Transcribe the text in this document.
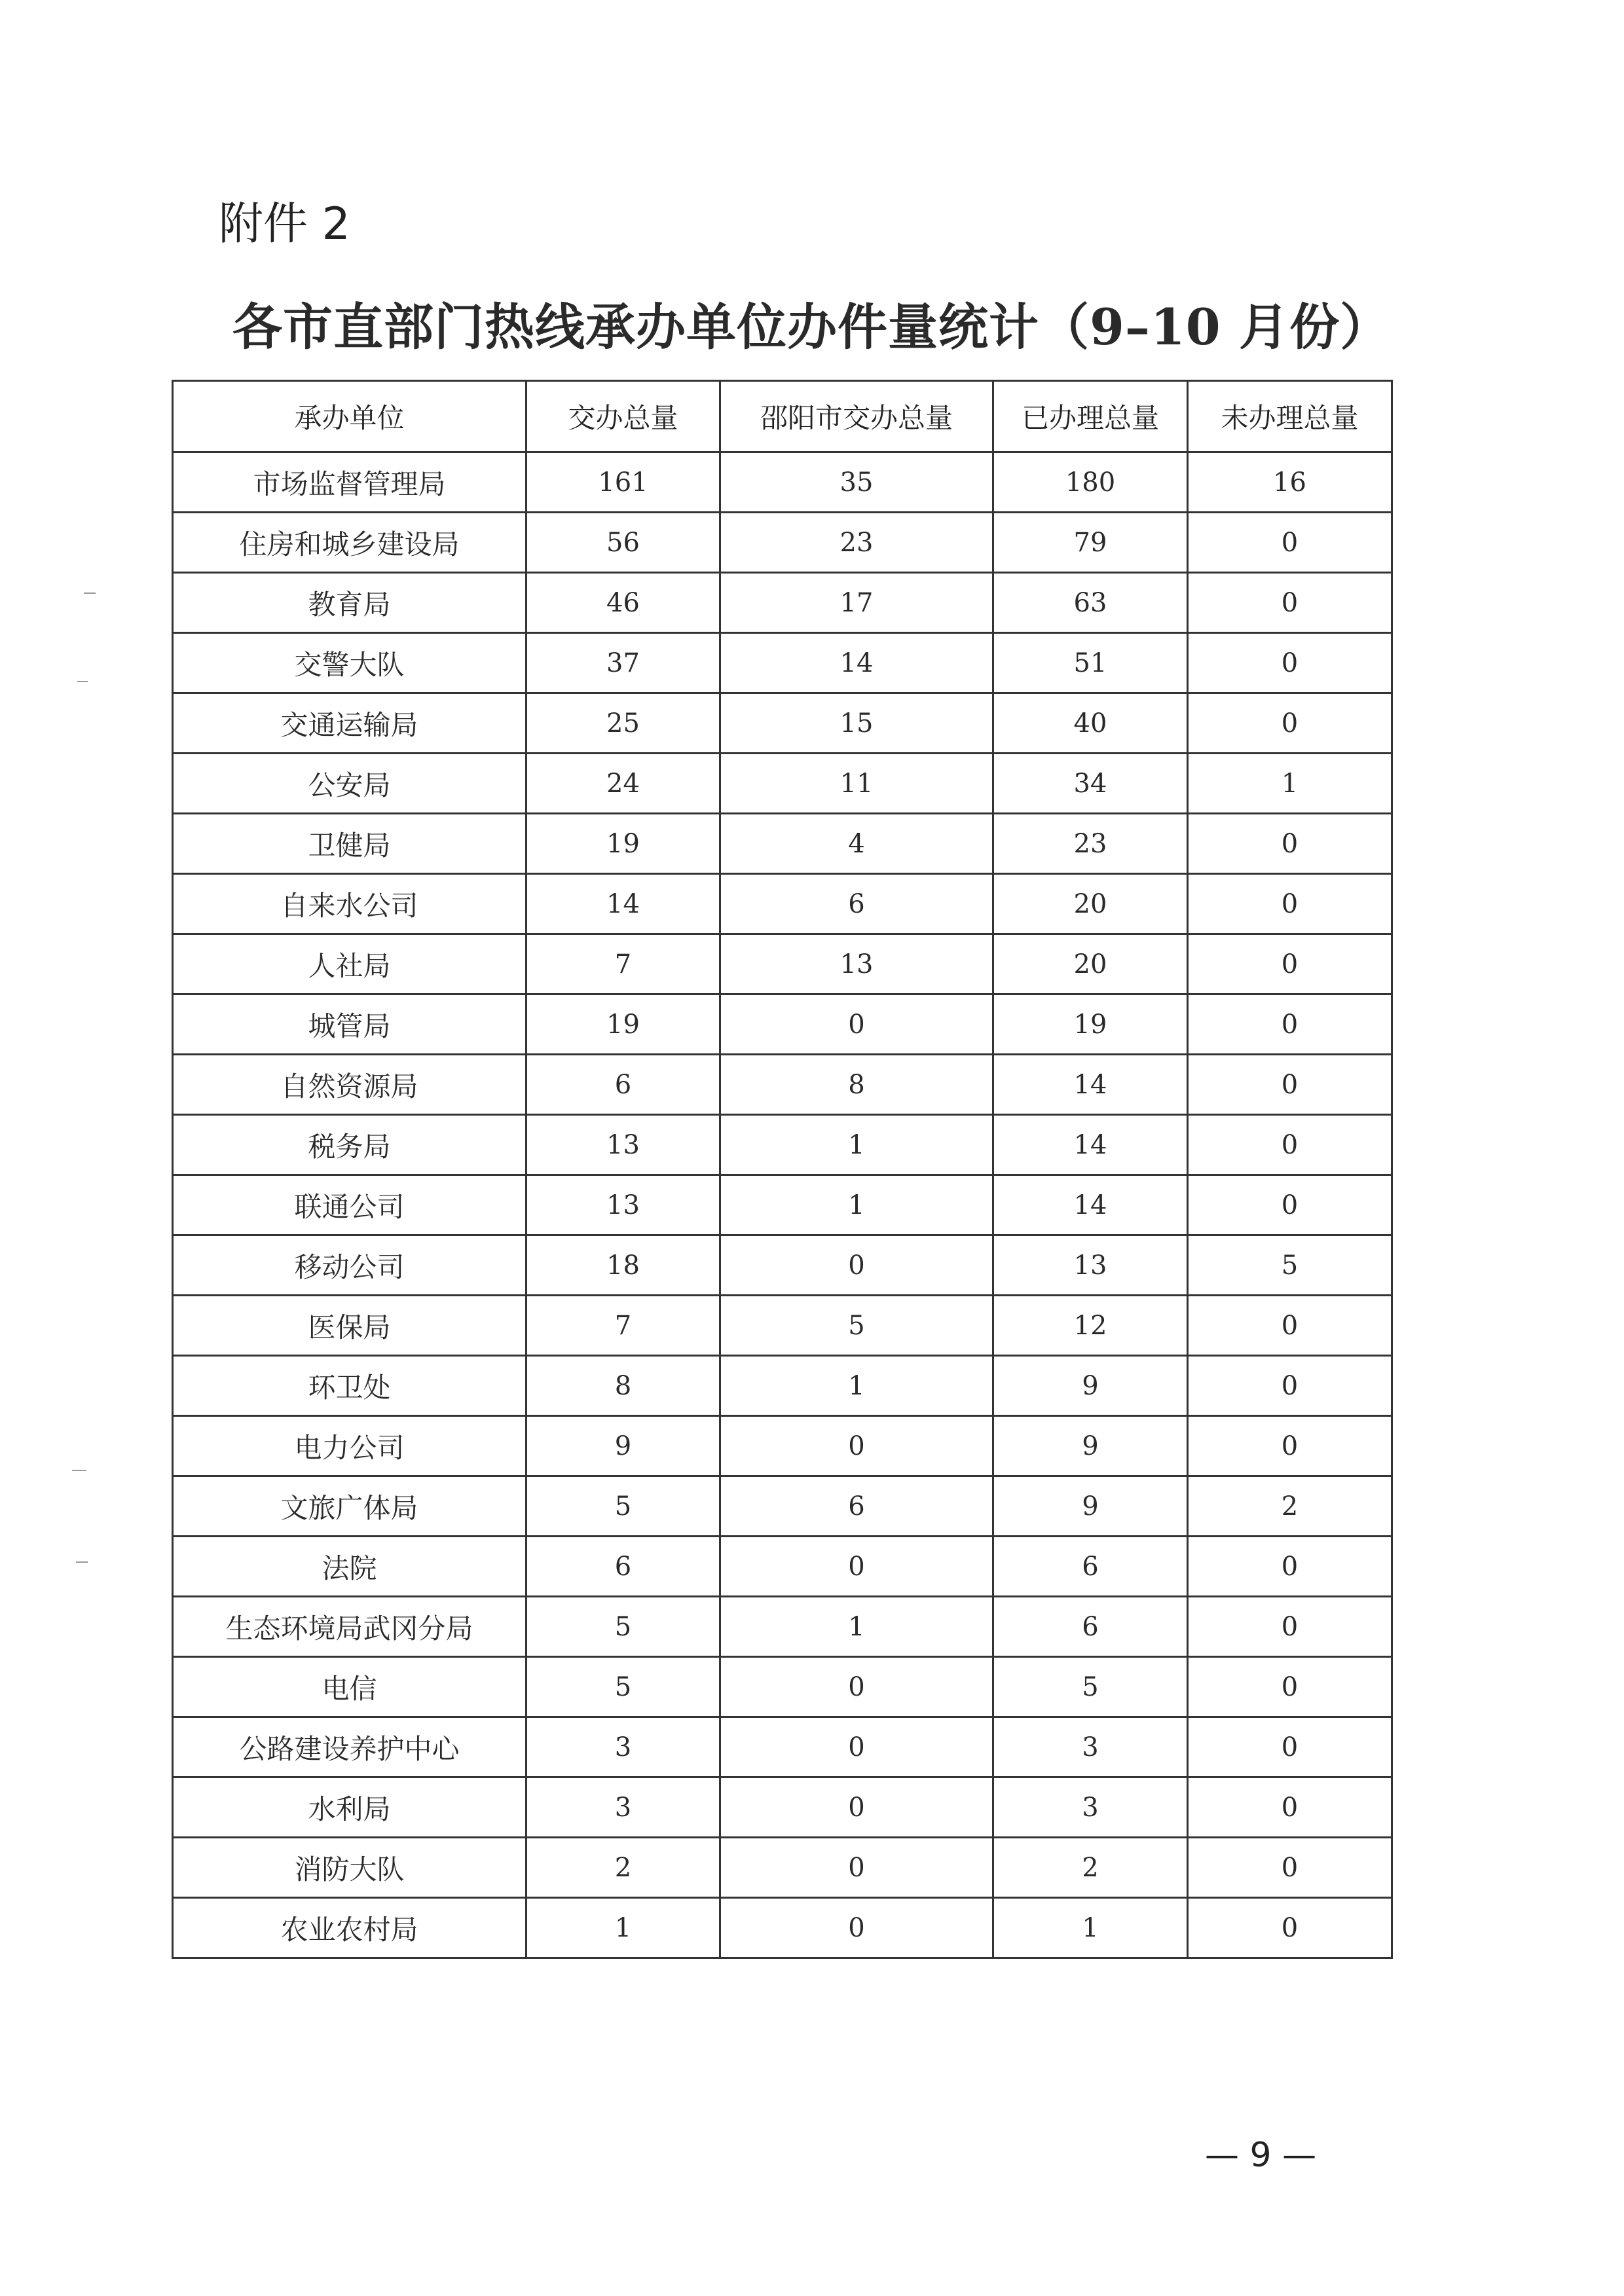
附件 2
各市直部门热线承办单位办件量统计（9–10 月份）
承办单位	交办总量	邵阳市交办总量	已办理总量	未办理总量
市场监督管理局	161	35	180	16
住房和城乡建设局	56	23	79	0
教育局	46	17	63	0
交警大队	37	14	51	0
交通运输局	25	15	40	0
公安局	24	11	34	1
卫健局	19	4	23	0
自来水公司	14	6	20	0
人社局	7	13	20	0
城管局	19	0	19	0
自然资源局	6	8	14	0
税务局	13	1	14	0
联通公司	13	1	14	0
移动公司	18	0	13	5
医保局	7	5	12	0
环卫处	8	1	9	0
电力公司	9	0	9	0
文旅广体局	5	6	9	2
法院	6	0	6	0
生态环境局武冈分局	5	1	6	0
电信	5	0	5	0
公路建设养护中心	3	0	3	0
水利局	3	0	3	0
消防大队	2	0	2	0
农业农村局	1	0	1	0
— 9 —
